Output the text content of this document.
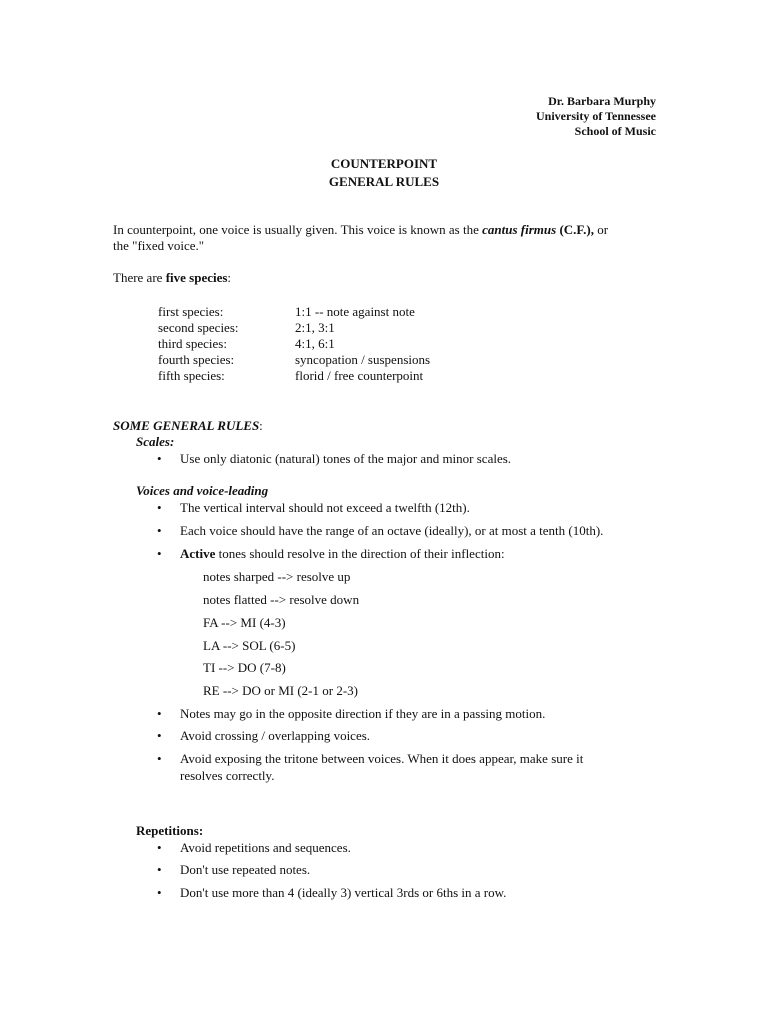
Dr. Barbara Murphy
University of Tennessee
School of Music
COUNTERPOINT
GENERAL RULES
In counterpoint, one voice is usually given. This voice is known as the cantus firmus (C.F.), or
the "fixed voice."
There are five species:
first species:	1:1 -- note against note
second species:	2:1, 3:1
third species:	4:1, 6:1
fourth species:	syncopation / suspensions
fifth species:	florid / free counterpoint
SOME GENERAL RULES:
Scales:
• Use only diatonic (natural) tones of the major and minor scales.
Voices and voice-leading
• The vertical interval should not exceed a twelfth (12th).
• Each voice should have the range of an octave (ideally), or at most a tenth (10th).
• Active tones should resolve in the direction of their inflection:
notes sharped --> resolve up
notes flatted --> resolve down
FA --> MI (4-3)
LA --> SOL (6-5)
TI --> DO (7-8)
RE --> DO or MI (2-1 or 2-3)
• Notes may go in the opposite direction if they are in a passing motion.
• Avoid crossing / overlapping voices.
• Avoid exposing the tritone between voices. When it does appear, make sure it
resolves correctly.
Repetitions:
• Avoid repetitions and sequences.
• Don't use repeated notes.
• Don't use more than 4 (ideally 3) vertical 3rds or 6ths in a row.
